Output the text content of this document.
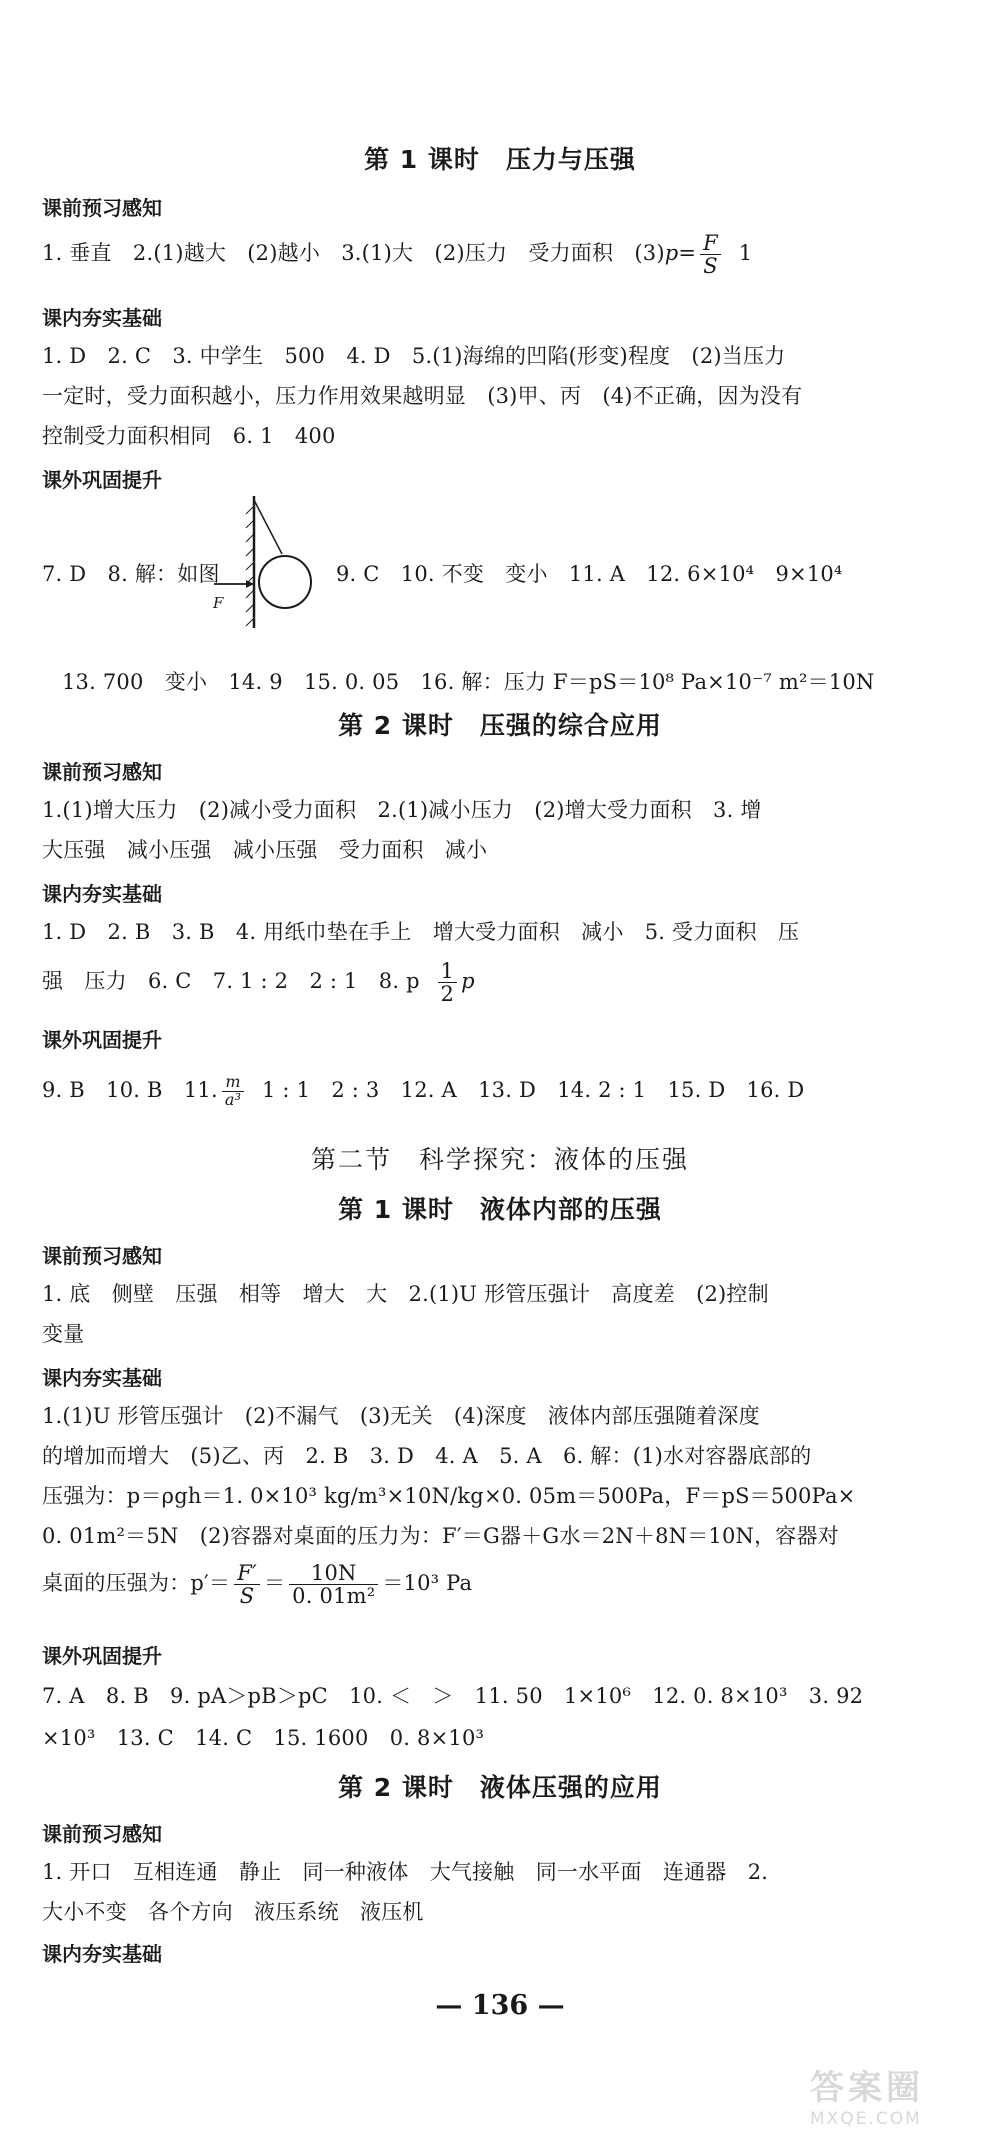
第 1 课时　压力与压强
课前预习感知
1. 垂直　2.(1)越大　(2)越小　3.(1)大　(2)压力　受力面积　$(3)p= \frac{F}{S} 1$
课内夯实基础
1. D　2. C　3. 中学生　500　4. D　5.(1)海绵的凹陷(形变)程度　(2)当压力
一定时，受力面积越小，压力作用效果越明显　(3)甲、丙　(4)不正确，因为没有
控制受力面积相同　6. 1　400
课外巩固提升
F
7. D　8. 解：如图	9. C　10. 不变　变小　11. A　12. 6×10⁴　9×10⁴
13. 700　变小　14. 9　15. 0. 05　16. 解：压力 F＝pS＝10⁸ Pa×10⁻⁷ m²＝10N
第 2 课时　压强的综合应用
课前预习感知
1.(1)增大压力　(2)减小受力面积　2.(1)减小压力　(2)增大受力面积　3. 增
大压强　减小压强　减小压强　受力面积　减小
课内夯实基础
1. D　2. B　3. B　4. 用纸巾垫在手上　增大受力面积　减小　5. 受力面积　压
强　压力　6. C　7. 1 : 2　2 : 1　8. p $\frac{1}{2}$ p
课外巩固提升
9. B　10. B　11. $\frac{m}{\text{a³}} 1$ : 1　2 : 3　12. A　13. D　14. 2 : 1　15. D　16. D
第二节　科学探究：液体的压强
第 1 课时　液体内部的压强
课前预习感知
1. 底　侧壁　压强　相等　增大　大　2.(1)U 形管压强计　高度差　(2)控制
变量
课内夯实基础
1.(1)U 形管压强计　(2)不漏气　(3)无关　(4)深度　液体内部压强随着深度
的增加而增大　(5)乙、丙　2. B　3. D　4. A　5. A　6. 解：(1)水对容器底部的
压强为：p＝ρgh＝1. 0×10³ kg/m³×10N/kg×0. 05m＝500Pa，F＝pS＝500Pa×
0. 01m²＝5N　(2)容器对桌面的压力为：F′＝G器＋G水＝2N＋8N＝10N，容器对
桌面的压强为：$p'= \frac{F'}{S} = \frac{10N}{\text{0. 01m²}} =10^3$ Pa
课外巩固提升
7. A　8. B　9. pA＞pB＞pC　10. ＜　＞　11. 50　1×10⁶　12. 0. 8×10³　3. 92
×10³　13. C　14. C　15. 1600　0. 8×10³
第 2 课时　液体压强的应用
课前预习感知
1. 开口　互相连通　静止　同一种液体　大气接触　同一水平面　连通器　2.
大小不变　各个方向　液压系统　液压机
课内夯实基础
— 136 —
答案圈
MXQE.COM
